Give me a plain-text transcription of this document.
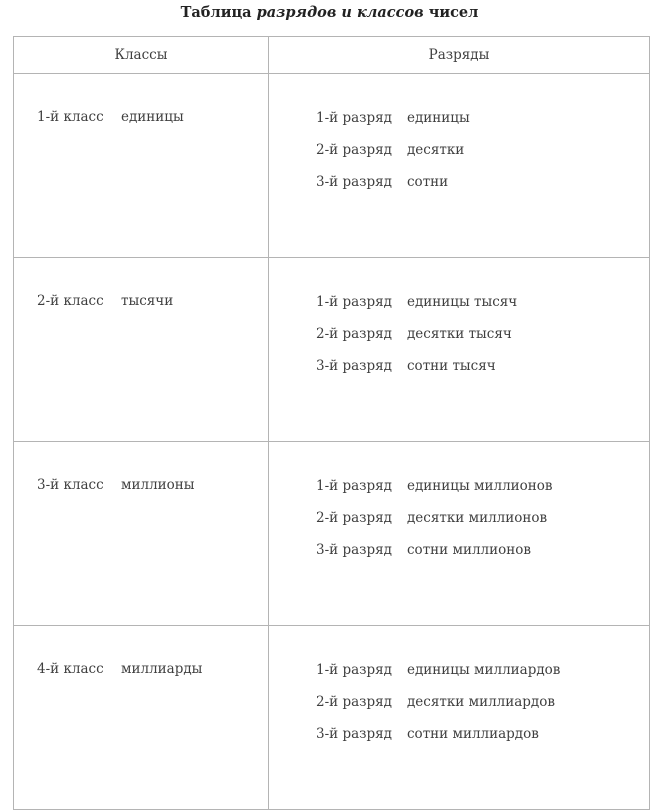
Таблица разрядов и классов чисел
Классы	Разряды
1-й класс единицы	1-й разряд единицы
2-й разряд десятки
3-й разряд сотни

2-й класс тысячи	1-й разряд единицы тысяч
2-й разряд десятки тысяч
3-й разряд сотни тысяч

3-й класс миллионы	1-й разряд единицы миллионов
2-й разряд десятки миллионов
3-й разряд сотни миллионов

4-й класс миллиарды	1-й разряд единицы миллиардов
2-й разряд десятки миллиардов
3-й разряд сотни миллиардов
